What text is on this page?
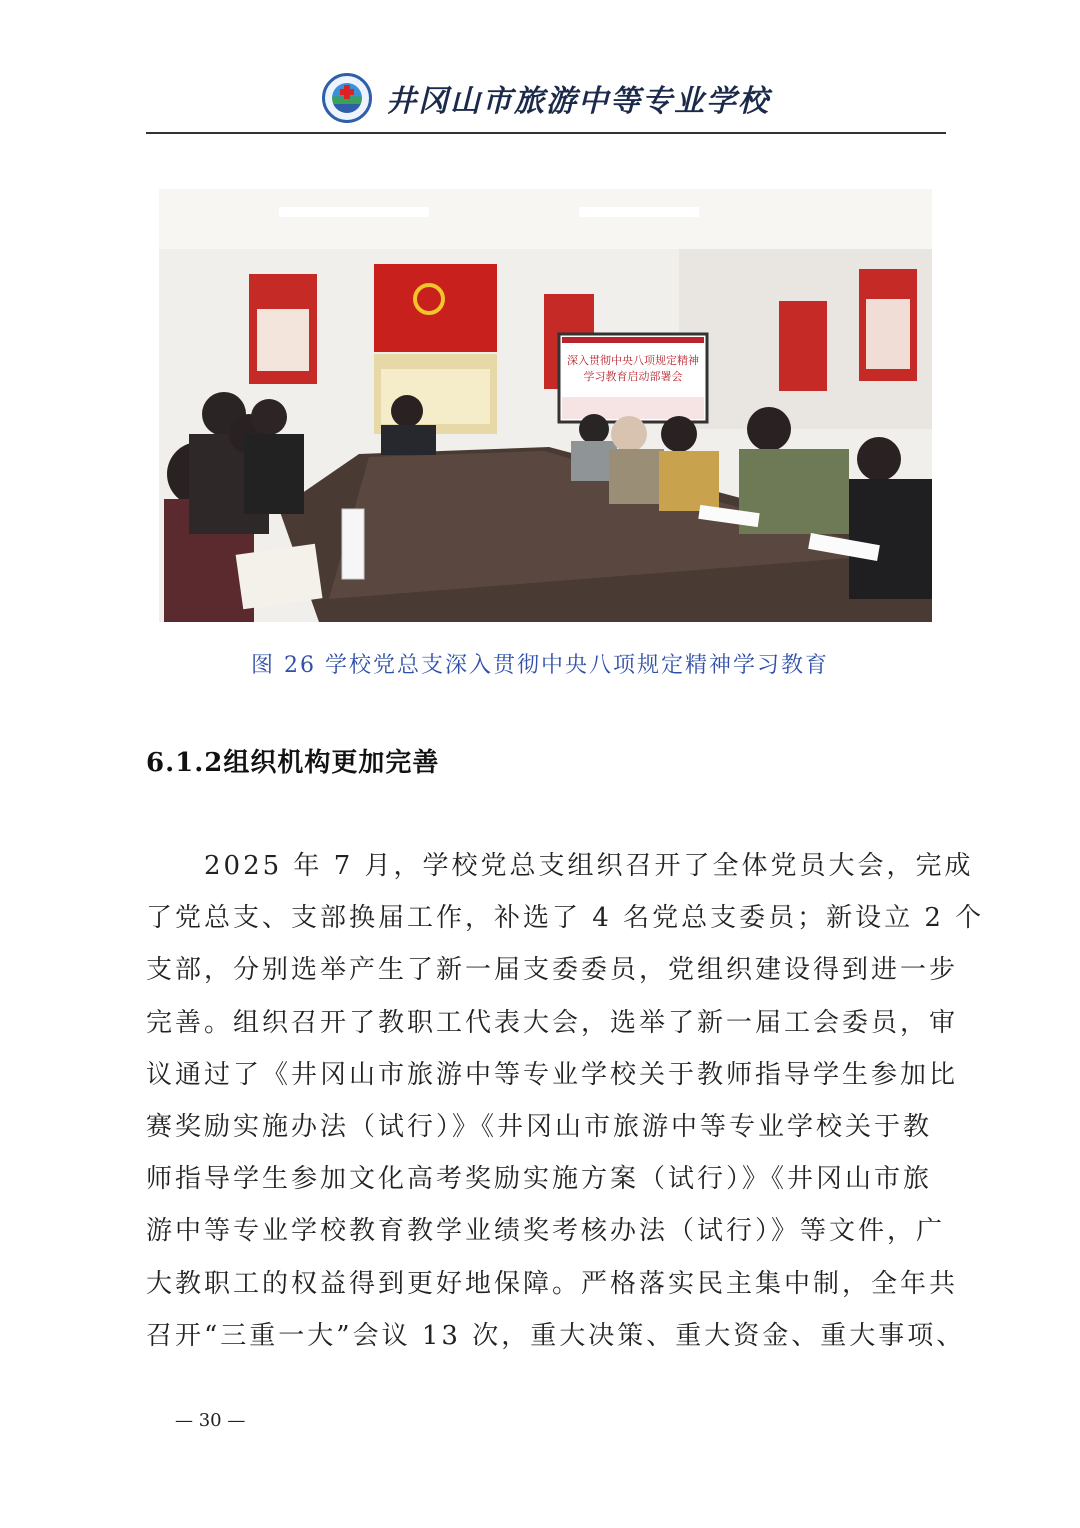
井冈山市旅游中等专业学校
深入贯彻中央八项规定精神
学习教育启动部署会
图 26 学校党总支深入贯彻中央八项规定精神学习教育
6.1.2组织机构更加完善
　　2025 年 7 月，学校党总支组织召开了全体党员大会，完成
了党总支、支部换届工作，补选了 4 名党总支委员；新设立 2 个
支部，分别选举产生了新一届支委委员，党组织建设得到进一步
完善。组织召开了教职工代表大会，选举了新一届工会委员，审
议通过了《井冈山市旅游中等专业学校关于教师指导学生参加比
赛奖励实施办法（试行）》《井冈山市旅游中等专业学校关于教
师指导学生参加文化高考奖励实施方案（试行）》《井冈山市旅
游中等专业学校教育教学业绩奖考核办法（试行）》等文件，广
大教职工的权益得到更好地保障。严格落实民主集中制，全年共
召开“三重一大”会议 13 次，重大决策、重大资金、重大事项、
— 30 —
